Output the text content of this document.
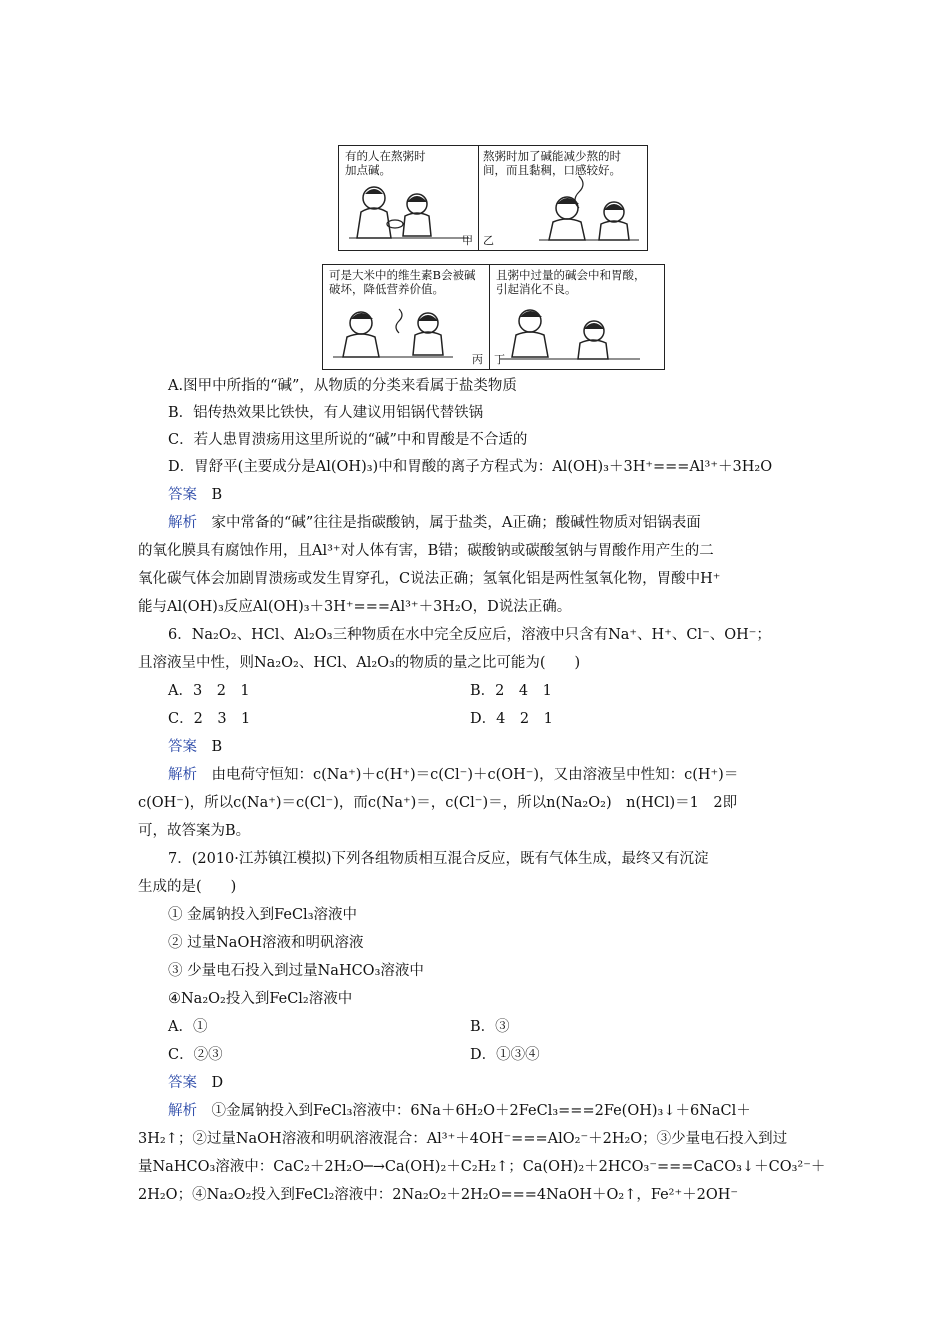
有的人在熬粥时加点碱。
甲
熬粥时加了碱能减少熬的时间，而且黏稠，口感较好。
乙
可是大米中的维生素B会被碱破坏，降低营养价值。
丙
且粥中过量的碱会中和胃酸，引起消化不良。
丁
A.图甲中所指的“碱”，从物质的分类来看属于盐类物质
B．铝传热效果比铁快，有人建议用铝锅代替铁锅
C．若人患胃溃疡用这里所说的“碱”中和胃酸是不合适的
D．胃舒平(主要成分是Al(OH)₃)中和胃酸的离子方程式为：Al(OH)₃＋3H⁺===Al³⁺＋3H₂O
答案　 B
解析　 家中常备的“碱”往往是指碳酸钠，属于盐类，A正确；酸碱性物质对铝锅表面
的氧化膜具有腐蚀作用，且Al³⁺对人体有害，B错；碳酸钠或碳酸氢钠与胃酸作用产生的二
氧化碳气体会加剧胃溃疡或发生胃穿孔，C说法正确；氢氧化铝是两性氢氧化物，胃酸中H⁺
能与Al(OH)₃反应Al(OH)₃＋3H⁺===Al³⁺＋3H₂O，D说法正确。
6．Na₂O₂、HCl、Al₂O₃三种物质在水中完全反应后，溶液中只含有Na⁺、H⁺、Cl⁻、OH⁻；
且溶液呈中性，则Na₂O₂、HCl、Al₂O₃的物质的量之比可能为(　　)
A．3　2　1	B．2　4　1
C．2　3　1	D．4　2　1
答案　 B
解析　 由电荷守恒知：c(Na⁺)＋c(H⁺)＝c(Cl⁻)＋c(OH⁻)，又由溶液呈中性知：c(H⁺)＝
c(OH⁻)，所以c(Na⁺)＝c(Cl⁻)，而c(Na⁺)＝，c(Cl⁻)＝，所以n(Na₂O₂)　n(HCl)＝1　2即
可，故答案为B。
7．(2010·江苏镇江模拟)下列各组物质相互混合反应，既有气体生成，最终又有沉淀
生成的是(　　)
① 金属钠投入到FeCl₃溶液中
② 过量NaOH溶液和明矾溶液
③ 少量电石投入到过量NaHCO₃溶液中
④Na₂O₂投入到FeCl₂溶液中
A．①	B．③
C．②③	D．①③④
答案　 D
解析　 ①金属钠投入到FeCl₃溶液中：6Na＋6H₂O＋2FeCl₃===2Fe(OH)₃↓＋6NaCl＋
3H₂↑；②过量NaOH溶液和明矾溶液混合：Al³⁺＋4OH⁻===AlO₂⁻＋2H₂O；③少量电石投入到过
量NaHCO₃溶液中：CaC₂＋2H₂O─→Ca(OH)₂＋C₂H₂↑；Ca(OH)₂＋2HCO₃⁻===CaCO₃↓＋CO₃²⁻＋
2H₂O；④Na₂O₂投入到FeCl₂溶液中：2Na₂O₂＋2H₂O===4NaOH＋O₂↑，Fe²⁺＋2OH⁻
